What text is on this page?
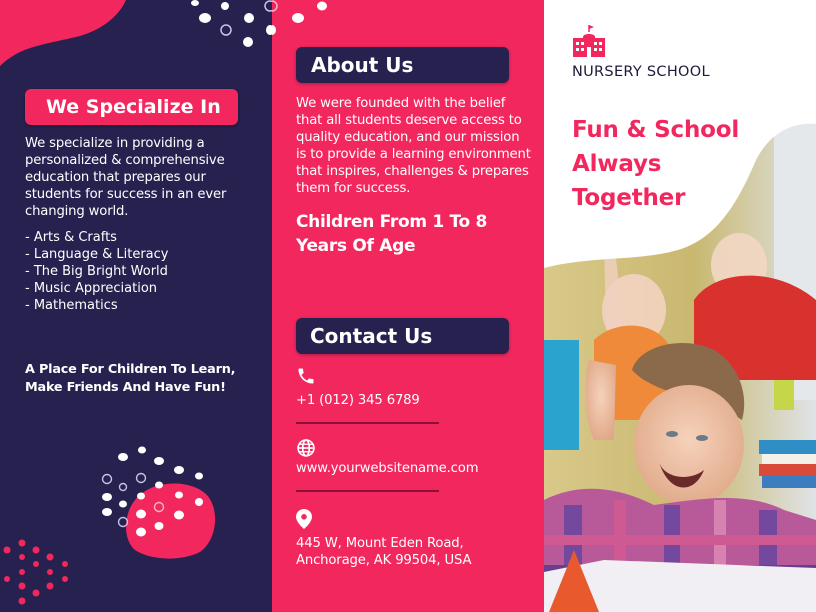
We Specialize In
We specialize in providing a
personalized & comprehensive
education that prepares our
students for success in an ever
changing world.
- Arts & Crafts
- Language & Literacy
- The Big Bright World
- Music Appreciation
- Mathematics
A Place For Children To Learn,
Make Friends And Have Fun!
About Us
We were founded with the belief
that all students deserve access to
quality education, and our mission
is to provide a learning environment
that inspires, challenges & prepares
them for success.
Children From 1 To 8
Years Of Age
Contact Us
+1 (012) 345 6789
www.yourwebsitename.com
445 W, Mount Eden Road,
Anchorage, AK 99504, USA
NURSERY SCHOOL
Fun & School
Always
Together
